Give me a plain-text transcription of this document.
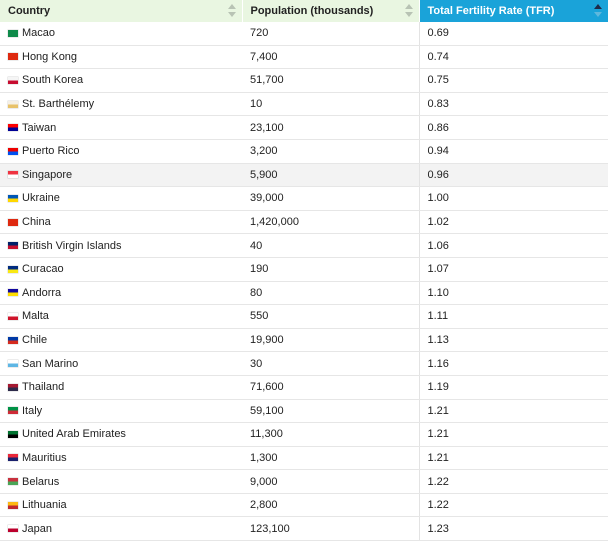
Country	Population (thousands)	Total Fertility Rate (TFR)

Macao	720	0.69
Hong Kong	7,400	0.74
South Korea	51,700	0.75
St. Barthélemy	10	0.83
Taiwan	23,100	0.86
Puerto Rico	3,200	0.94
Singapore	5,900	0.96
Ukraine	39,000	1.00
China	1,420,000	1.02
British Virgin Islands	40	1.06
Curacao	190	1.07
Andorra	80	1.10
Malta	550	1.11
Chile	19,900	1.13
San Marino	30	1.16
Thailand	71,600	1.19
Italy	59,100	1.21
United Arab Emirates	11,300	1.21
Mauritius	1,300	1.21
Belarus	9,000	1.22
Lithuania	2,800	1.22
Japan	123,100	1.23
